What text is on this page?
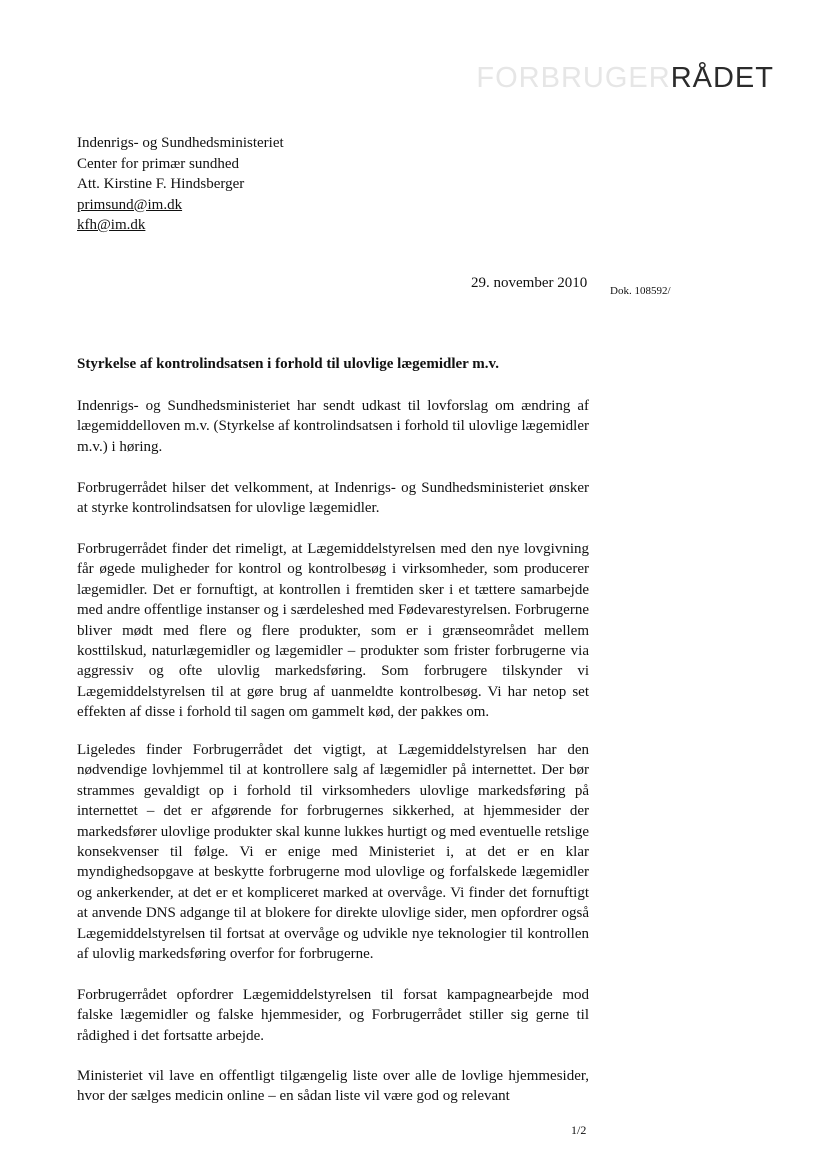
FORBRUGERRÅDET
Indenrigs- og Sundhedsministeriet
Center for primær sundhed
Att. Kirstine F. Hindsberger
primsund@im.dk
kfh@im.dk
29. november 2010 Dok. 108592/
Styrkelse af kontrolindsatsen i forhold til ulovlige lægemidler m.v.

Indenrigs- og Sundhedsministeriet har sendt udkast til lovforslag om ændring af lægemiddelloven m.v. (Styrkelse af kontrolindsatsen i forhold til ulovlige lægemidler m.v.) i høring.

Forbrugerrådet hilser det velkomment, at Indenrigs- og Sundhedsministeriet ønsker at styrke kontrolindsatsen for ulovlige lægemidler.

Forbrugerrådet finder det rimeligt, at Lægemiddelstyrelsen med den nye lovgivning får øgede muligheder for kontrol og kontrolbesøg i virksomheder, som producerer lægemidler. Det er fornuftigt, at kontrollen i fremtiden sker i et tættere samarbejde med andre offentlige instanser og i særdeleshed med Fødevarestyrelsen. Forbrugerne bliver mødt med flere og flere produkter, som er i grænseområdet mellem kosttilskud, naturlægemidler og lægemidler – produkter som frister forbrugerne via aggressiv og ofte ulovlig markedsføring. Som forbrugere tilskynder vi Lægemiddelstyrelsen til at gøre brug af uanmeldte kontrolbesøg. Vi har netop set effekten af disse i forhold til sagen om gammelt kød, der pakkes om.

Ligeledes finder Forbrugerrådet det vigtigt, at Lægemiddelstyrelsen har den nødvendige lovhjemmel til at kontrollere salg af lægemidler på internettet. Der bør strammes gevaldigt op i forhold til virksomheders ulovlige markedsføring på internettet – det er afgørende for forbrugernes sikkerhed, at hjemmesider der markedsfører ulovlige produkter skal kunne lukkes hurtigt og med eventuelle retslige konsekvenser til følge. Vi er enige med Ministeriet i, at det er en klar myndighedsopgave at beskytte forbrugerne mod ulovlige og forfalskede lægemidler og ankerkender, at det er et kompliceret marked at overvåge. Vi finder det fornuftigt at anvende DNS adgange til at blokere for direkte ulovlige sider, men opfordrer også Lægemiddelstyrelsen til fortsat at overvåge og udvikle nye teknologier til kontrollen af ulovlig markedsføring overfor for forbrugerne.

Forbrugerrådet opfordrer Lægemiddelstyrelsen til forsat kampagnearbejde mod falske lægemidler og falske hjemmesider, og Forbrugerrådet stiller sig gerne til rådighed i det fortsatte arbejde.

Ministeriet vil lave en offentligt tilgængelig liste over alle de lovlige hjemmesider, hvor der sælges medicin online – en sådan liste vil være god og relevant

1/2
